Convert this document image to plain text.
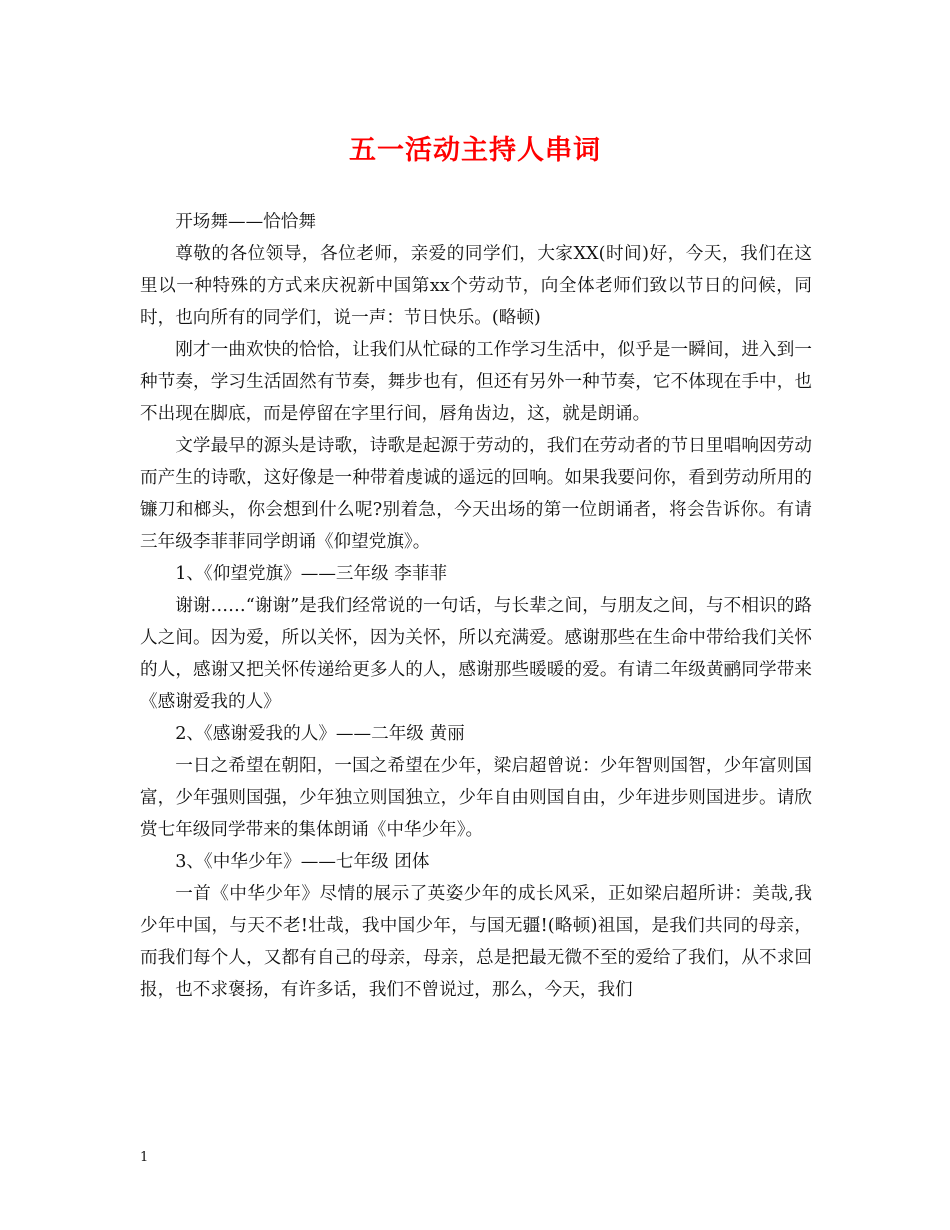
五一活动主持人串词

开场舞——恰恰舞

尊敬的各位领导，各位老师，亲爱的同学们，大家XX(时间)好，今天，我们在这里以一种特殊的方式来庆祝新中国第xx个劳动节，向全体老师们致以节日的问候，同时，也向所有的同学们，说一声：节日快乐。(略顿)

刚才一曲欢快的恰恰，让我们从忙碌的工作学习生活中，似乎是一瞬间，进入到一种节奏，学习生活固然有节奏，舞步也有，但还有另外一种节奏，它不体现在手中，也不出现在脚底，而是停留在字里行间，唇角齿边，这，就是朗诵。

文学最早的源头是诗歌，诗歌是起源于劳动的，我们在劳动者的节日里唱响因劳动而产生的诗歌，这好像是一种带着虔诚的遥远的回响。如果我要问你，看到劳动所用的镰刀和榔头，你会想到什么呢?别着急，今天出场的第一位朗诵者，将会告诉你。有请三年级李菲菲同学朗诵《仰望党旗》。

1、《仰望党旗》——三年级 李菲菲

谢谢……“谢谢”是我们经常说的一句话，与长辈之间，与朋友之间，与不相识的路人之间。因为爱，所以关怀，因为关怀，所以充满爱。感谢那些在生命中带给我们关怀的人，感谢又把关怀传递给更多人的人，感谢那些暖暖的爱。有请二年级黄鹂同学带来《感谢爱我的人》

2、《感谢爱我的人》——二年级 黄丽

一日之希望在朝阳，一国之希望在少年，梁启超曾说：少年智则国智，少年富则国富，少年强则国强，少年独立则国独立，少年自由则国自由，少年进步则国进步。请欣赏七年级同学带来的集体朗诵《中华少年》。

3、《中华少年》——七年级 团体

一首《中华少年》尽情的展示了英姿少年的成长风采，正如梁启超所讲：美哉,我少年中国，与天不老!壮哉，我中国少年，与国无疆!(略顿)祖国，是我们共同的母亲，而我们每个人，又都有自己的母亲，母亲，总是把最无微不至的爱给了我们，从不求回报，也不求褒扬，有许多话，我们不曾说过，那么，今天，我们

1
